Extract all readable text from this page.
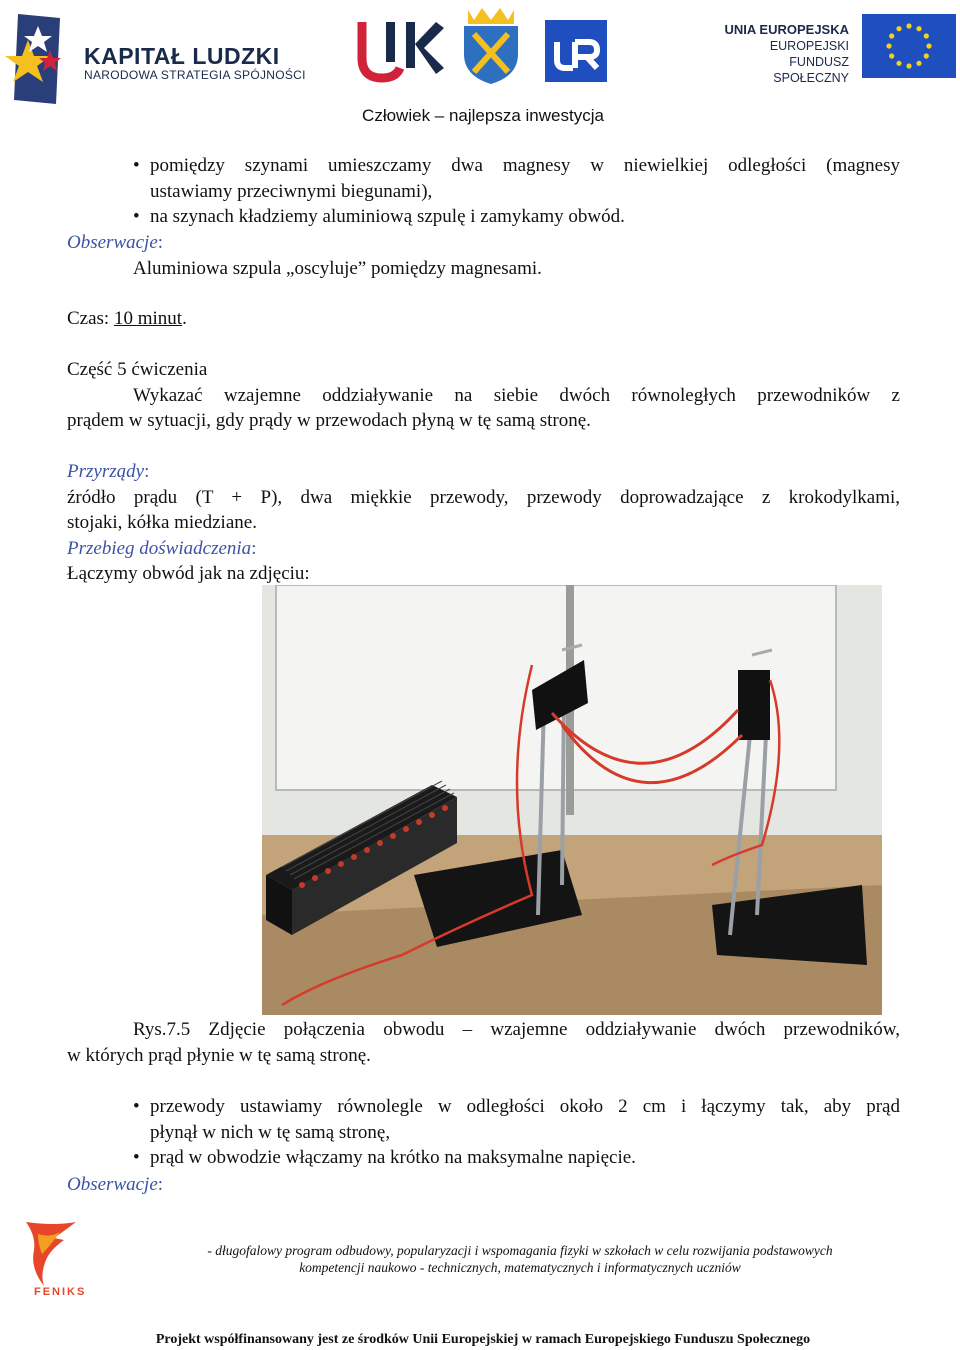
KAPITAŁ LUDZKI
NARODOWA STRATEGIA SPÓJNOŚCI
UNIA EUROPEJSKA
EUROPEJSKI
FUNDUSZ SPOŁECZNY
Człowiek – najlepsza inwestycja
• pomiędzy szynami umieszczamy dwa magnesy w niewielkiej odległości (magnesy
ustawiamy przeciwnymi biegunami),
• na szynach kładziemy aluminiową szpulę i zamykamy obwód.
Obserwacje:
Aluminiowa szpula „oscyluje” pomiędzy magnesami.
Czas: 10 minut.
Część 5 ćwiczenia
Wykazać wzajemne oddziaływanie na siebie dwóch równoległych przewodników z
prądem w sytuacji, gdy prądy w przewodach płyną w tę samą stronę.
Przyrządy:
źródło prądu (T + P), dwa miękkie przewody, przewody doprowadzające z krokodylkami,
stojaki, kółka miedziane.
Przebieg doświadczenia:
Łączymy obwód jak na zdjęciu:
Rys.7.5 Zdjęcie połączenia obwodu – wzajemne oddziaływanie dwóch przewodników,
w których prąd płynie w tę samą stronę.
• przewody ustawiamy równolegle w odległości około 2 cm i łączymy tak, aby prąd
płynął w nich w tę samą stronę,
• prąd w obwodzie włączamy na krótko na maksymalne napięcie.
Obserwacje:
FENIKS
- długofalowy program odbudowy, popularyzacji i wspomagania fizyki w szkołach w celu rozwijania podstawowych
kompetencji naukowo - technicznych, matematycznych i informatycznych uczniów
Projekt współfinansowany jest ze środków Unii Europejskiej w ramach Europejskiego Funduszu Społecznego
